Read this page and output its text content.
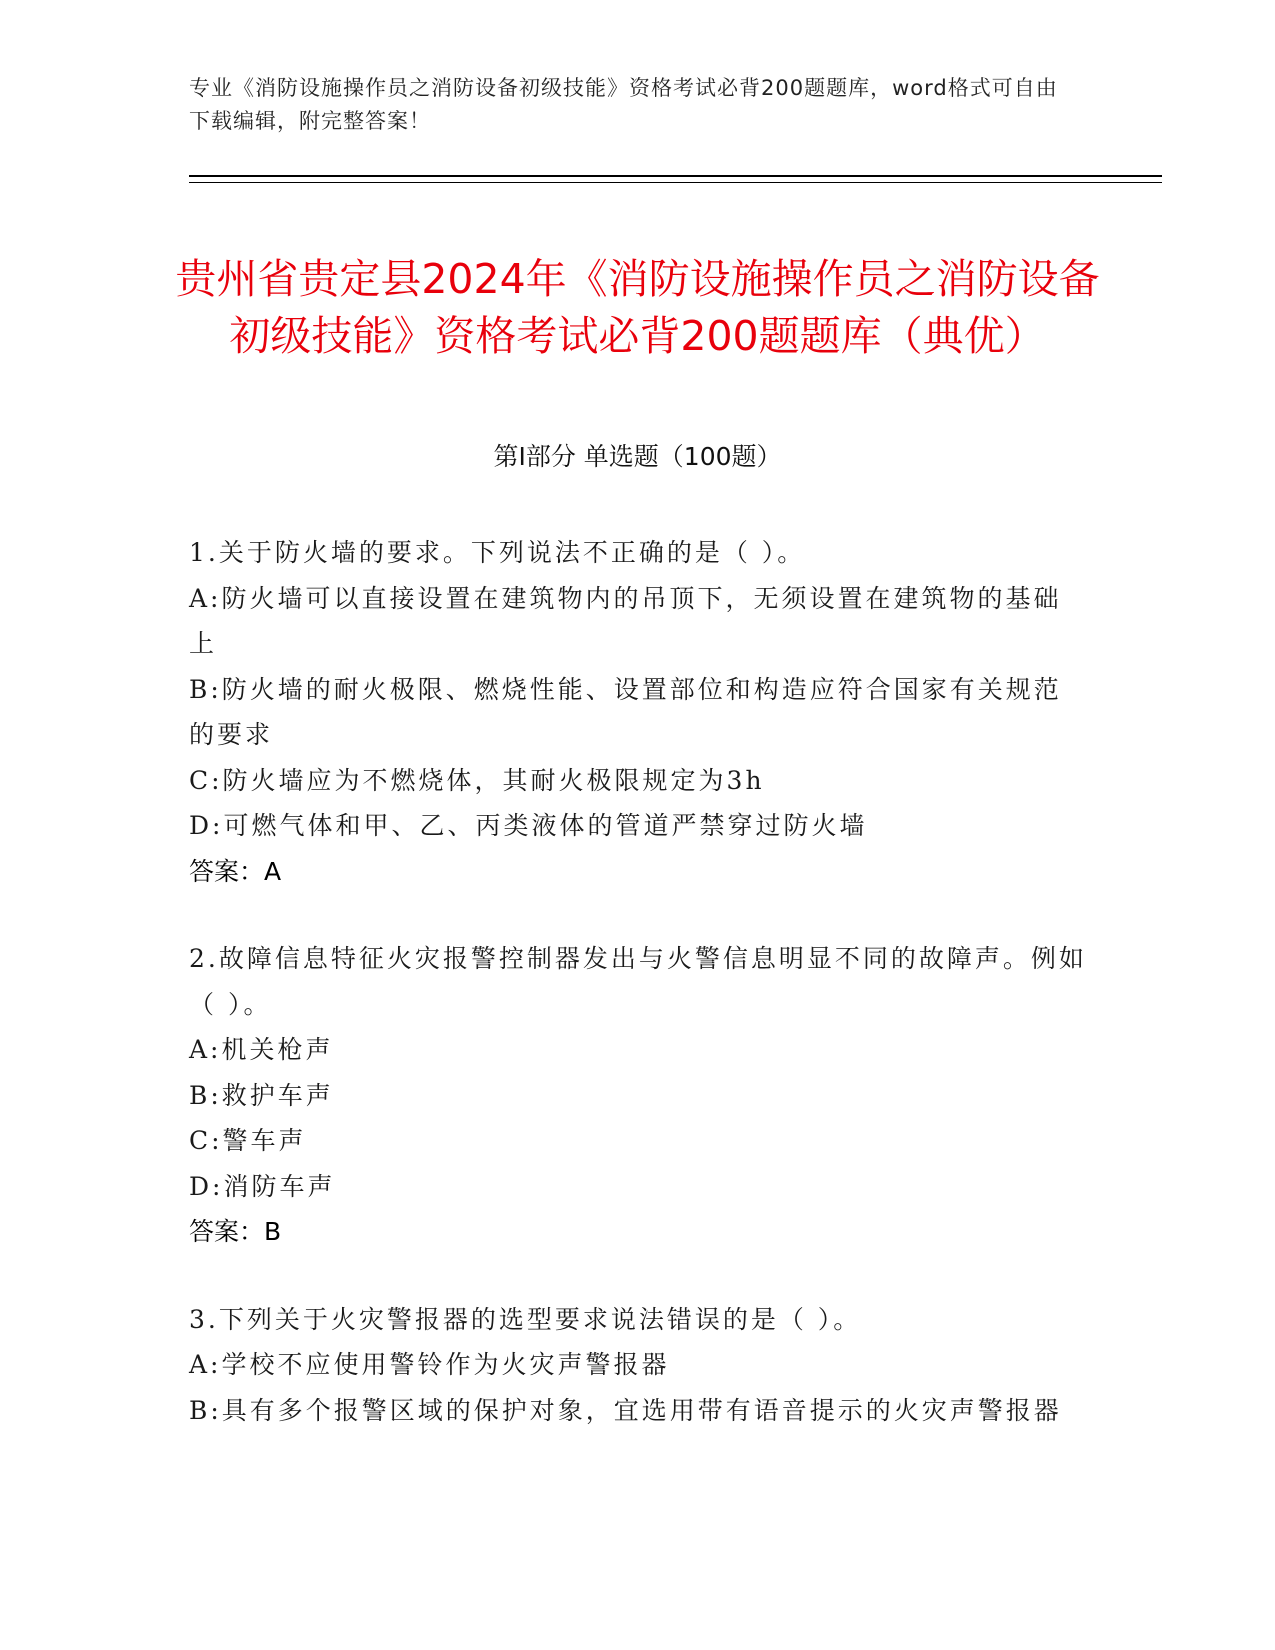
专业《消防设施操作员之消防设备初级技能》资格考试必背200题题库，word格式可自由下载编辑，附完整答案！
贵州省贵定县2024年《消防设施操作员之消防设备初级技能》资格考试必背200题题库（典优）
第Ⅰ部分 单选题（100题）
1.关于防火墙的要求。下列说法不正确的是（ ）。
A:防火墙可以直接设置在建筑物内的吊顶下，无须设置在建筑物的基础上
B:防火墙的耐火极限、燃烧性能、设置部位和构造应符合国家有关规范的要求
C:防火墙应为不燃烧体，其耐火极限规定为3h
D:可燃气体和甲、乙、丙类液体的管道严禁穿过防火墙
答案：A
2.故障信息特征火灾报警控制器发出与火警信息明显不同的故障声。例如（ ）。
A:机关枪声
B:救护车声
C:警车声
D:消防车声
答案：B
3.下列关于火灾警报器的选型要求说法错误的是（ ）。
A:学校不应使用警铃作为火灾声警报器
B:具有多个报警区域的保护对象，宜选用带有语音提示的火灾声警报器
